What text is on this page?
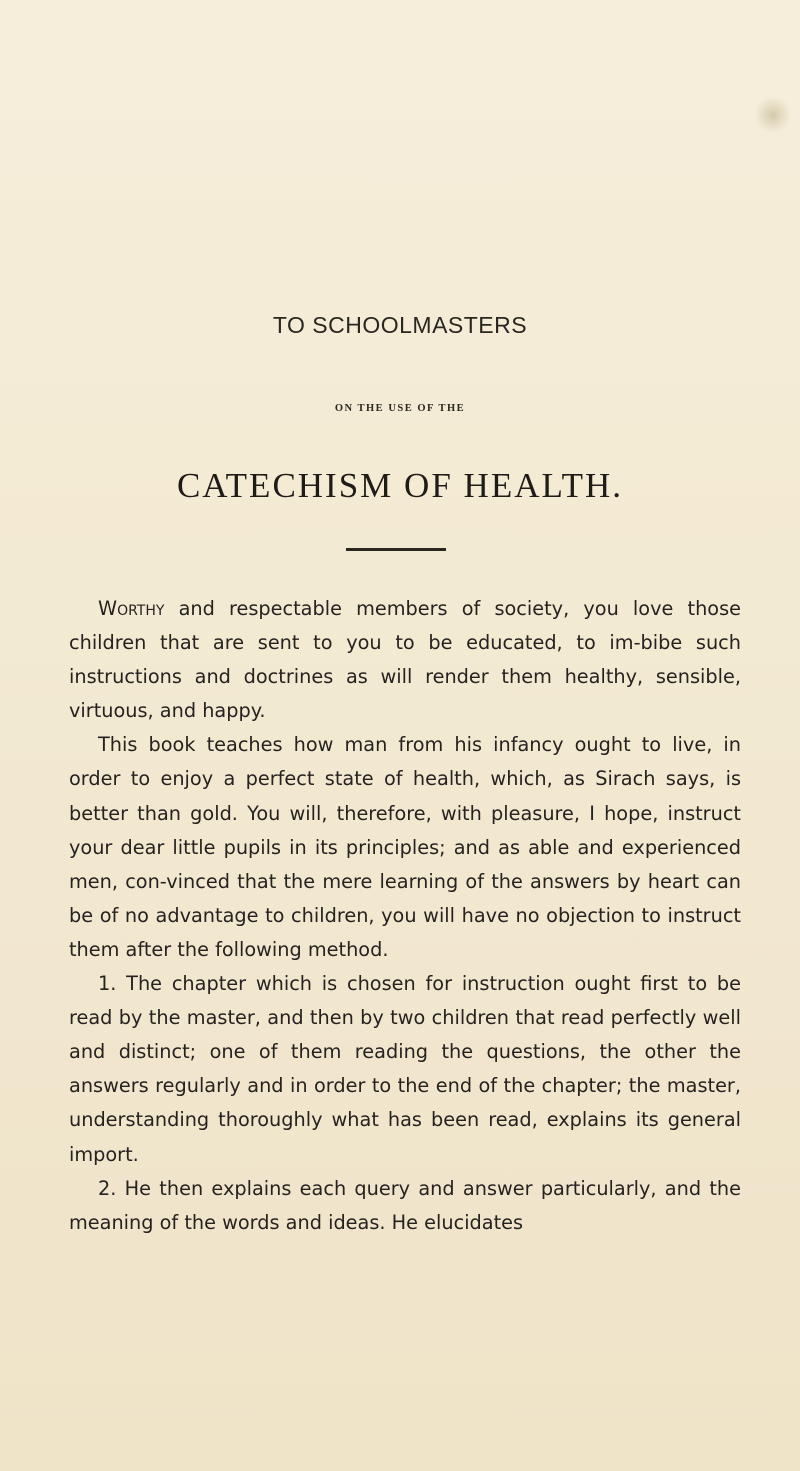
TO SCHOOLMASTERS
ON THE USE OF THE
CATECHISM OF HEALTH.

Worthy and respectable members of society, you love those children that are sent to you to be educated, to im-bibe such instructions and doctrines as will render them healthy, sensible, virtuous, and happy.

This book teaches how man from his infancy ought to live, in order to enjoy a perfect state of health, which, as Sirach says, is better than gold. You will, therefore, with pleasure, I hope, instruct your dear little pupils in its principles; and as able and experienced men, con-vinced that the mere learning of the answers by heart can be of no advantage to children, you will have no objection to instruct them after the following method.

1. The chapter which is chosen for instruction ought first to be read by the master, and then by two children that read perfectly well and distinct; one of them reading the questions, the other the answers regularly and in order to the end of the chapter; the master, understanding thoroughly what has been read, explains its general import.

2. He then explains each query and answer particularly, and the meaning of the words and ideas. He elucidates
